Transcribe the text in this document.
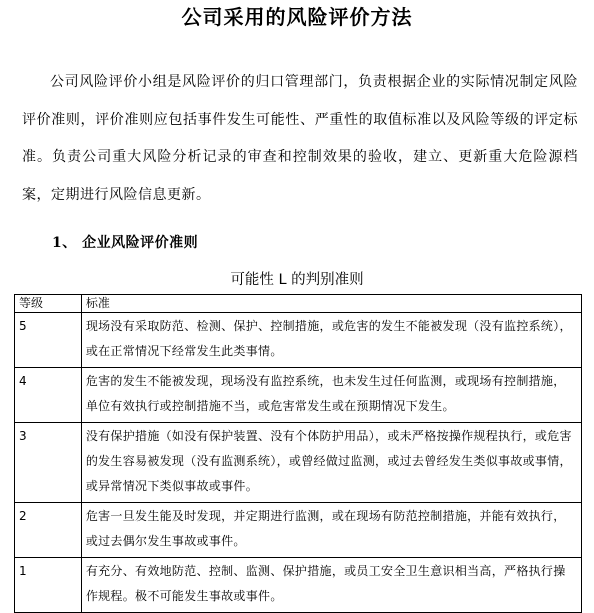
公司采用的风险评价方法

公司风险评价小组是风险评价的归口管理部门，负责根据企业的实际情况制定风险评价准则，评价准则应包括事件发生可能性、严重性的取值标准以及风险等级的评定标准。负责公司重大风险分析记录的审查和控制效果的验收，建立、更新重大危险源档案，定期进行风险信息更新。

1、 企业风险评价准则
可能性 L 的判别准则
等级	标准
5	现场没有采取防范、检测、保护、控制措施，或危害的发生不能被发现（没有监控系统），或在正常情况下经常发生此类事情。
4	危害的发生不能被发现，现场没有监控系统，也未发生过任何监测，或现场有控制措施，单位有效执行或控制措施不当，或危害常发生或在预期情况下发生。
3	没有保护措施（如没有保护装置、没有个体防护用品），或未严格按操作规程执行，或危害的发生容易被发现（没有监测系统），或曾经做过监测，或过去曾经发生类似事故或事情，或异常情况下类似事故或事件。
2	危害一旦发生能及时发现，并定期进行监测，或在现场有防范控制措施，并能有效执行，或过去偶尔发生事故或事件。
1	有充分、有效地防范、控制、监测、保护措施，或员工安全卫生意识相当高，严格执行操作规程。极不可能发生事故或事件。
